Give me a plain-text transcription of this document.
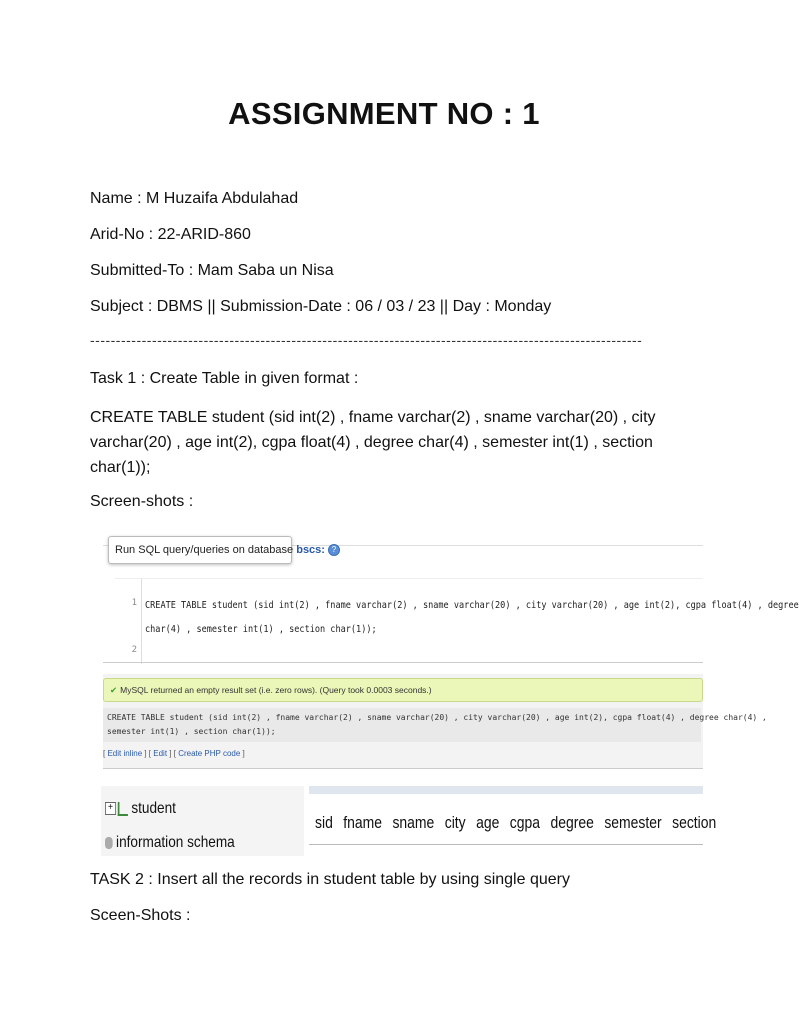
ASSIGNMENT NO : 1
Name : M Huzaifa Abdulahad
Arid-No : 22-ARID-860
Submitted-To : Mam Saba un Nisa
Subject : DBMS || Submission-Date : 06 / 03 / 23 || Day : Monday
-----------------------------------------------------------------------------------------------------------
Task 1 : Create Table in given format :
CREATE TABLE student (sid int(2) , fname varchar(2) , sname varchar(20) , city varchar(20) , age int(2), cgpa float(4) , degree char(4) , semester int(1) , section char(1));
Screen-shots :
Run SQL query/queries on database bscs: ?
1
2
CREATE TABLE student (sid int(2) , fname varchar(2) , sname varchar(20) , city varchar(20) , age int(2), cgpa float(4) , degree
char(4) , semester int(1) , section char(1));
✔ MySQL returned an empty result set (i.e. zero rows). (Query took 0.0003 seconds.)
CREATE TABLE student (sid int(2) , fname varchar(2) , sname varchar(20) , city varchar(20) , age int(2), cgpa float(4) , degree char(4) ,
semester int(1) , section char(1));
[ Edit inline ] [ Edit ] [ Create PHP code ]
+ student
information schema
sid fname sname city age cgpa degree semester section
TASK 2 : Insert all the records in student table by using single query
Sceen-Shots :
